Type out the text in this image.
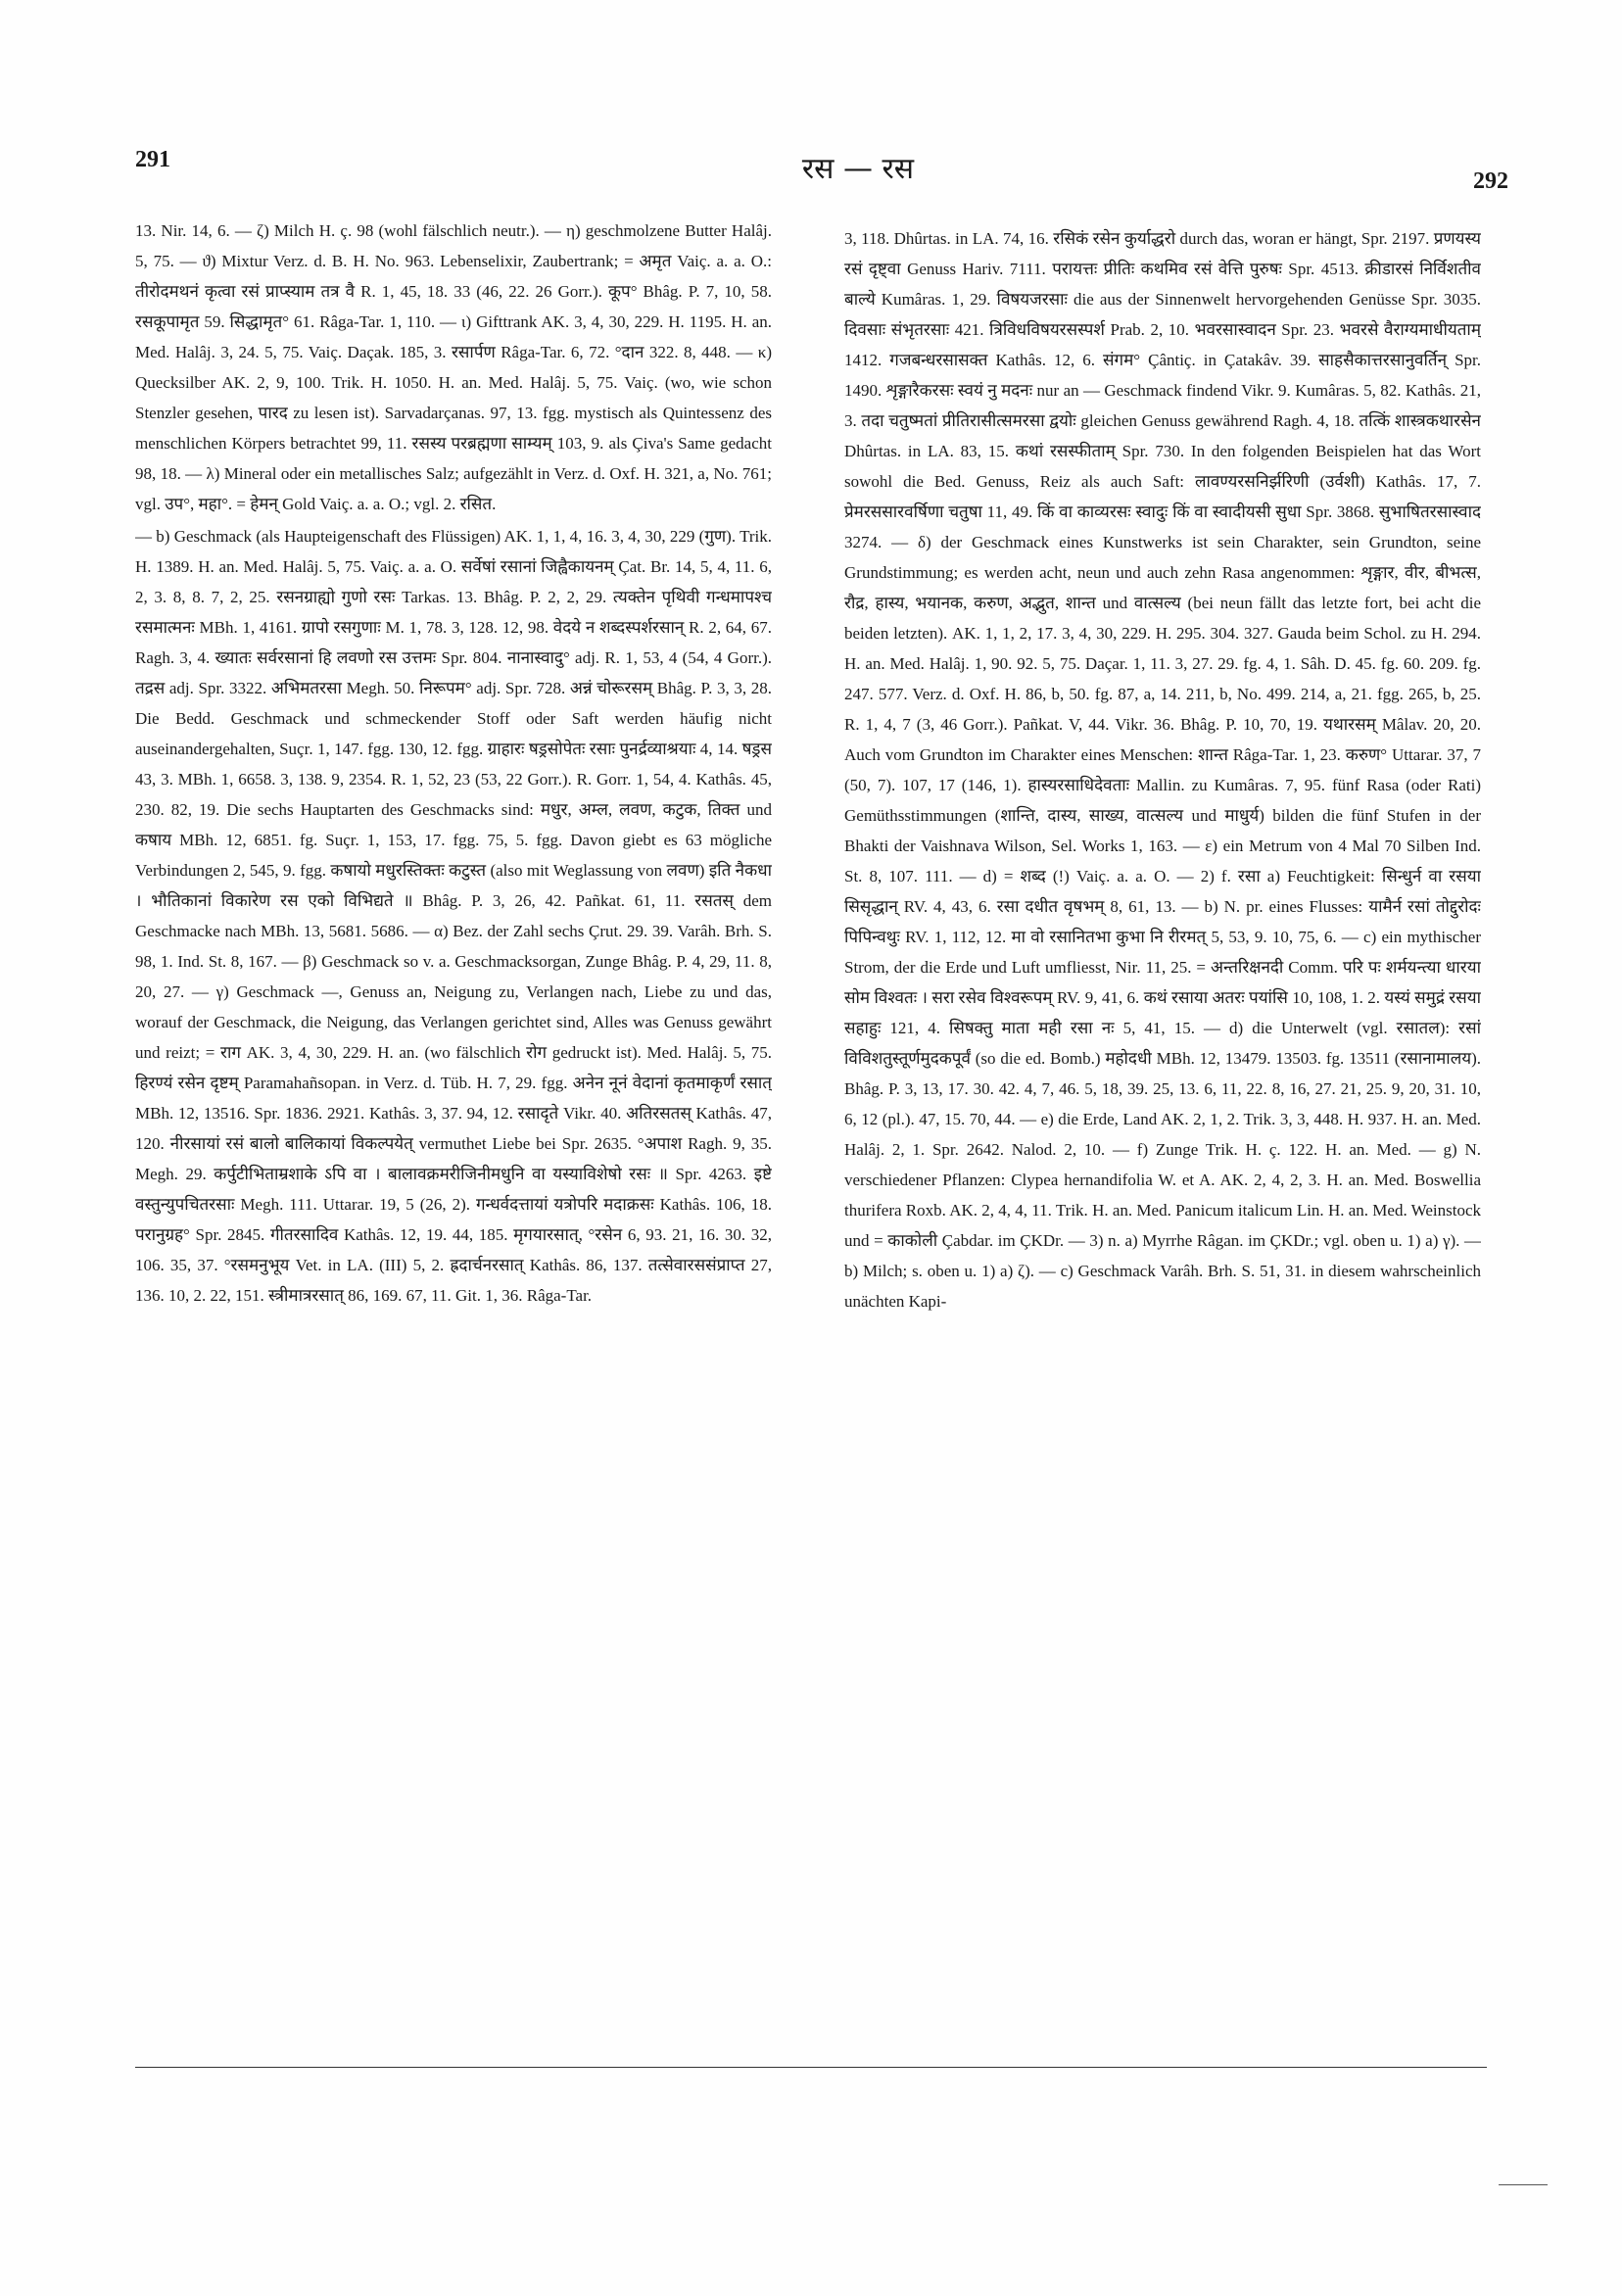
291	रस — रस	292

13. Nir. 14, 6. — ζ) Milch H. ç. 98 (wohl fälschlich neutr.). — η) geschmolzene Butter Halâj. 5, 75. — ϑ) Mixtur Verz. d. B. H. No. 963. Lebenselixir, Zaubertrank; = अमृत Vaiç. a. a. O.: तीरोदमथनं कृत्वा रसं प्राप्स्याम तत्र वै R. 1, 45, 18. 33 (46, 22. 26 Gorr.). कूप° Bhâg. P. 7, 10, 58. रसकूपामृत 59. सिद्धामृत° 61. Râga-Tar. 1, 110. — ι) Gifttrank AK. 3, 4, 30, 229. H. 1195. H. an. Med. Halâj. 3, 24. 5, 75. Vaiç. Daçak. 185, 3. रसार्पण Râga-Tar. 6, 72. °दान 322. 8, 448. — κ) Quecksilber AK. 2, 9, 100. Trik. H. 1050. H. an. Med. Halâj. 5, 75. Vaiç. (wo, wie schon Stenzler gesehen, पारद zu lesen ist). Sarvadarçanas. 97, 13. fgg. mystisch als Quintessenz des menschlichen Körpers betrachtet 99, 11. रसस्य परब्रह्मणा साम्यम् 103, 9. als Çiva's Same gedacht 98, 18. — λ) Mineral oder ein metallisches Salz; aufgezählt in Verz. d. Oxf. H. 321, a, No. 761; vgl. उप°, महा°. = हेमन् Gold Vaiç. a. a. O.; vgl. 2. रसित.

— b) Geschmack (als Haupteigenschaft des Flüssigen) AK. 1, 1, 4, 16. 3, 4, 30, 229 (गुण). Trik. H. 1389. H. an. Med. Halâj. 5, 75. Vaiç. a. a. O. सर्वेषां रसानां जिह्वैकायनम् Çat. Br. 14, 5, 4, 11. 6, 2, 3. 8, 8. 7, 2, 25. रसनग्राह्यो गुणो रसः Tarkas. 13. Bhâg. P. 2, 2, 29. त्यक्तेन पृथिवी गन्धमापश्च रसमात्मनः MBh. 1, 4161. ग्रापो रसगुणाः M. 1, 78. 3, 128. 12, 98. वेदये न शब्दस्पर्शरसान् R. 2, 64, 67. Ragh. 3, 4. ख्यातः सर्वरसानां हि लवणो रस उत्तमः Spr. 804. नानास्वादु° adj. R. 1, 53, 4 (54, 4 Gorr.). तद्रस adj. Spr. 3322. अभिमतरसा Megh. 50. निरूपम° adj. Spr. 728. अन्नं चोरूरसम् Bhâg. P. 3, 3, 28. Die Bedd. Geschmack und schmeckender Stoff oder Saft werden häufig nicht auseinandergehalten, Suçr. 1, 147. fgg. 130, 12. fgg. ग्राहारः षड्रसोपेतः रसाः पुनर्द्रव्याश्रयाः 4, 14. षड्रस 43, 3. MBh. 1, 6658. 3, 138. 9, 2354. R. 1, 52, 23 (53, 22 Gorr.). R. Gorr. 1, 54, 4. Kathâs. 45, 230. 82, 19. Die sechs Hauptarten des Geschmacks sind: मधुर, अम्ल, लवण, कटुक, तिक्त und कषाय MBh. 12, 6851. fg. Suçr. 1, 153, 17. fgg. 75, 5. fgg. Davon giebt es 63 mögliche Verbindungen 2, 545, 9. fgg. कषायो मधुरस्तिक्तः कटुस्त (also mit Weglassung von लवण) इति नैकधा । भौतिकानां विकारेण रस एको विभिद्यते ॥ Bhâg. P. 3, 26, 42. Pañkat. 61, 11. रसतस् dem Geschmacke nach MBh. 13, 5681. 5686. — α) Bez. der Zahl sechs Çrut. 29. 39. Varâh. Brh. S. 98, 1. Ind. St. 8, 167. — β) Geschmack so v. a. Geschmacksorgan, Zunge Bhâg. P. 4, 29, 11. 8, 20, 27. — γ) Geschmack —, Genuss an, Neigung zu, Verlangen nach, Liebe zu und das, worauf der Geschmack, die Neigung, das Verlangen gerichtet sind, Alles was Genuss gewährt und reizt; = राग AK. 3, 4, 30, 229. H. an. (wo fälschlich रोग gedruckt ist). Med. Halâj. 5, 75. हिरण्यं रसेन दृष्टम् Paramahañsopan. in Verz. d. Tüb. H. 7, 29. fgg. अनेन नूनं वेदानां कृतमाकृर्णं रसात् MBh. 12, 13516. Spr. 1836. 2921. Kathâs. 3, 37. 94, 12. रसादृते Vikr. 40. अतिरसतस् Kathâs. 47, 120. नीरसायां रसं बालो बालिकायां विकल्पयेत् vermuthet Liebe bei Spr. 2635. °अपाश Ragh. 9, 35. Megh. 29. कर्पुटीभिताम्रशाके ऽपि वा । बालावक्रमरीजिनीमधुनि वा यस्याविशेषो रसः ॥ Spr. 4263. इष्टे वस्तुन्युपचितरसाः Megh. 111. Uttarar. 19, 5 (26, 2). गन्धर्वदत्तायां यत्रोपरि मदाक्रसः Kathâs. 106, 18. परानुग्रह° Spr. 2845. गीतरसादिव Kathâs. 12, 19. 44, 185. मृगयारसात्, °रसेन 6, 93. 21, 16. 30. 32, 106. 35, 37. °रसमनुभूय Vet. in LA. (III) 5, 2. ह्रदार्चनरसात् Kathâs. 86, 137. तत्सेवारससंप्राप्त 27, 136. 10, 2. 22, 151. स्त्रीमात्ररसात् 86, 169. 67, 11. Git. 1, 36. Râga-Tar.

3, 118. Dhûrtas. in LA. 74, 16. रसिकं रसेन कुर्याद्धरो durch das, woran er hängt, Spr. 2197. प्रणयस्य रसं दृष्ट्वा Genuss Hariv. 7111. परायत्तः प्रीतिः कथमिव रसं वेत्ति पुरुषः Spr. 4513. क्रीडारसं निर्विशतीव बाल्ये Kumâras. 1, 29. विषयजरसाः die aus der Sinnenwelt hervorgehenden Genüsse Spr. 3035. दिवसाः संभृतरसाः 421. त्रिविधविषयरसस्पर्श Prab. 2, 10. भवरसास्वादन Spr. 23. भवरसे वैराग्यमाधीयताम् 1412. गजबन्धरसासक्त Kathâs. 12, 6. संगम° Çântiç. in Çatakâv. 39. साहसैकात्तरसानुवर्तिन् Spr. 1490. शृङ्गारैकरसः स्वयं नु मदनः nur an — Geschmack findend Vikr. 9. Kumâras. 5, 82. Kathâs. 21, 3. तदा चतुष्मतां प्रीतिरासीत्समरसा द्वयोः gleichen Genuss gewährend Ragh. 4, 18. तत्किं शास्त्रकथारसेन Dhûrtas. in LA. 83, 15. कथां रसस्फीताम् Spr. 730. In den folgenden Beispielen hat das Wort sowohl die Bed. Genuss, Reiz als auch Saft: लावण्यरसनिर्झरिणी (उर्वशी) Kathâs. 17, 7. प्रेमरससारवर्षिणा चतुषा 11, 49. किं वा काव्यरसः स्वादुः किं वा स्वादीयसी सुधा Spr. 3868. सुभाषितरसास्वाद 3274. — δ) der Geschmack eines Kunstwerks ist sein Charakter, sein Grundton, seine Grundstimmung; es werden acht, neun und auch zehn Rasa angenommen: शृङ्गार, वीर, बीभत्स, रौद्र, हास्य, भयानक, करुण, अद्भुत, शान्त und वात्सल्य (bei neun fällt das letzte fort, bei acht die beiden letzten). AK. 1, 1, 2, 17. 3, 4, 30, 229. H. 295. 304. 327. Gauda beim Schol. zu H. 294. H. an. Med. Halâj. 1, 90. 92. 5, 75. Daçar. 1, 11. 3, 27. 29. fg. 4, 1. Sâh. D. 45. fg. 60. 209. fg. 247. 577. Verz. d. Oxf. H. 86, b, 50. fg. 87, a, 14. 211, b, No. 499. 214, a, 21. fgg. 265, b, 25. R. 1, 4, 7 (3, 46 Gorr.). Pañkat. V, 44. Vikr. 36. Bhâg. P. 10, 70, 19. यथारसम् Mâlav. 20, 20. Auch vom Grundton im Charakter eines Menschen: शान्त Râga-Tar. 1, 23. करुण° Uttarar. 37, 7 (50, 7). 107, 17 (146, 1). हास्यरसाधिदेवताः Mallin. zu Kumâras. 7, 95. fünf Rasa (oder Rati) Gemüthsstimmungen (शान्ति, दास्य, साख्य, वात्सल्य und माधुर्य) bilden die fünf Stufen in der Bhakti der Vaishnava Wilson, Sel. Works 1, 163. — ε) ein Metrum von 4 Mal 70 Silben Ind. St. 8, 107. 111. — d) = शब्द (!) Vaiç. a. a. O. — 2) f. रसा a) Feuchtigkeit: सिन्धुर्न वा रसया सिसृद्धान् RV. 4, 43, 6. रसा दधीत वृषभम् 8, 61, 13. — b) N. pr. eines Flusses: यामैर्न रसां तोद्दुरोदः पिपिन्वथुः RV. 1, 112, 12. मा वो रसानितभा कुभा नि रीरमत् 5, 53, 9. 10, 75, 6. — c) ein mythischer Strom, der die Erde und Luft umfliesst, Nir. 11, 25. = अन्तरिक्षनदी Comm. परि पः शर्मयन्त्या धारया सोम विश्वतः । सरा रसेव विश्वरूपम् RV. 9, 41, 6. कथं रसाया अतरः पयांसि 10, 108, 1. 2. यस्यं समुद्रं रसया सहाहुः 121, 4. सिषक्तु माता मही रसा नः 5, 41, 15. — d) die Unterwelt (vgl. रसातल): रसां विविशतुस्तूर्णमुदकपूर्वं (so die ed. Bomb.) महोदधी MBh. 12, 13479. 13503. fg. 13511 (रसानामालय). Bhâg. P. 3, 13, 17. 30. 42. 4, 7, 46. 5, 18, 39. 25, 13. 6, 11, 22. 8, 16, 27. 21, 25. 9, 20, 31. 10, 6, 12 (pl.). 47, 15. 70, 44. — e) die Erde, Land AK. 2, 1, 2. Trik. 3, 3, 448. H. 937. H. an. Med. Halâj. 2, 1. Spr. 2642. Nalod. 2, 10. — f) Zunge Trik. H. ç. 122. H. an. Med. — g) N. verschiedener Pflanzen: Clypea hernandifolia W. et A. AK. 2, 4, 2, 3. H. an. Med. Boswellia thurifera Roxb. AK. 2, 4, 4, 11. Trik. H. an. Med. Panicum italicum Lin. H. an. Med. Weinstock und = काकोली Çabdar. im ÇKDr. — 3) n. a) Myrrhe Râgan. im ÇKDr.; vgl. oben u. 1) a) γ). — b) Milch; s. oben u. 1) a) ζ). — c) Geschmack Varâh. Brh. S. 51, 31. in diesem wahrscheinlich unächten Kapi-
